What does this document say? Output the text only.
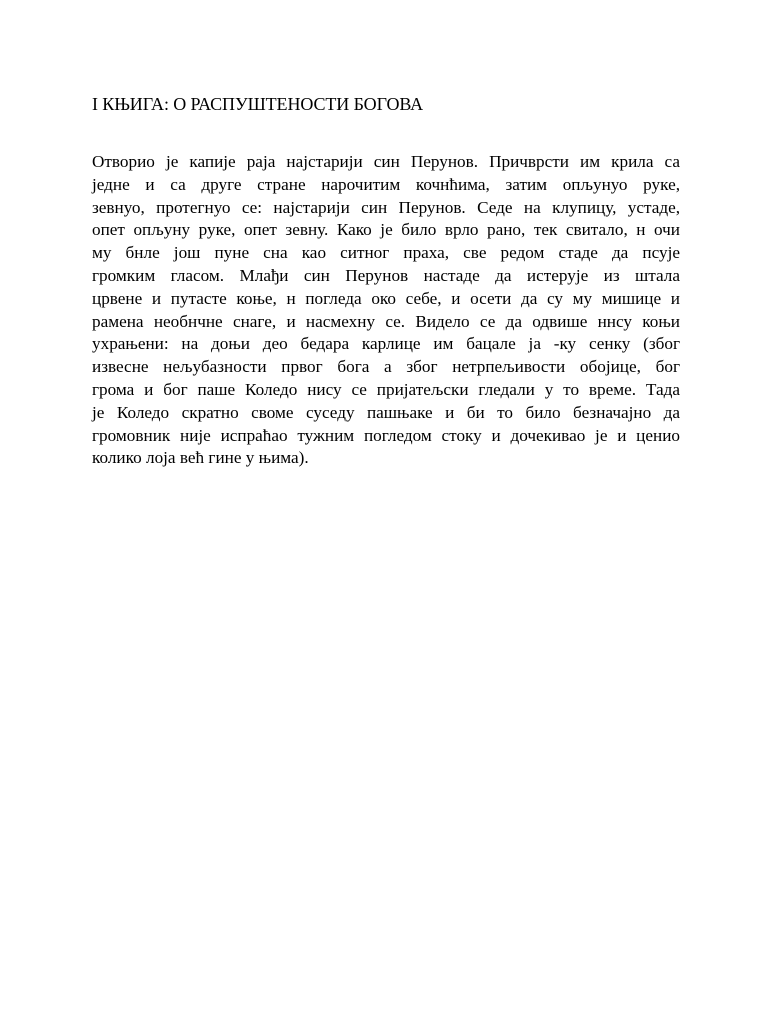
I КЊИГА: О РАСПУШТЕНОСТИ БОГОВА
Отворио је капије раја најстарији син Перунов. Причврсти им крила са
једне и са друге стране нарочитим кочнћима, затим опљунуо руке,
зевнуо, протегнуо се: најстарији син Перунов. Седе на клупицу, устаде,
опет опљуну руке, опет зевну. Како је било врло рано, тек свитало, н очи
му бнле још пуне сна као ситног праха, све редом стаде да псује
громким гласом. Млађи син Перунов настаде да истерује из штала
црвене и путасте коње, н погледа око себе, и осети да су му мишице и
рамена необнчне снаге, и насмехну се. Видело се да одвише ннсу коњи
ухрањени: на доњи део бедара карлице им бацале ја -ку сенку (због
извесне нељубазности првог бога а због нетрпељивости обојице, бог
грома и бог паше Коледо нису се пријатељски гледали у то време. Тада
је Коледо скратно своме суседу пашњаке и би то било безначајно да
громовник није испраћао тужним погледом стоку и дочекивао је и ценио
колико лоја већ гине у њима).
